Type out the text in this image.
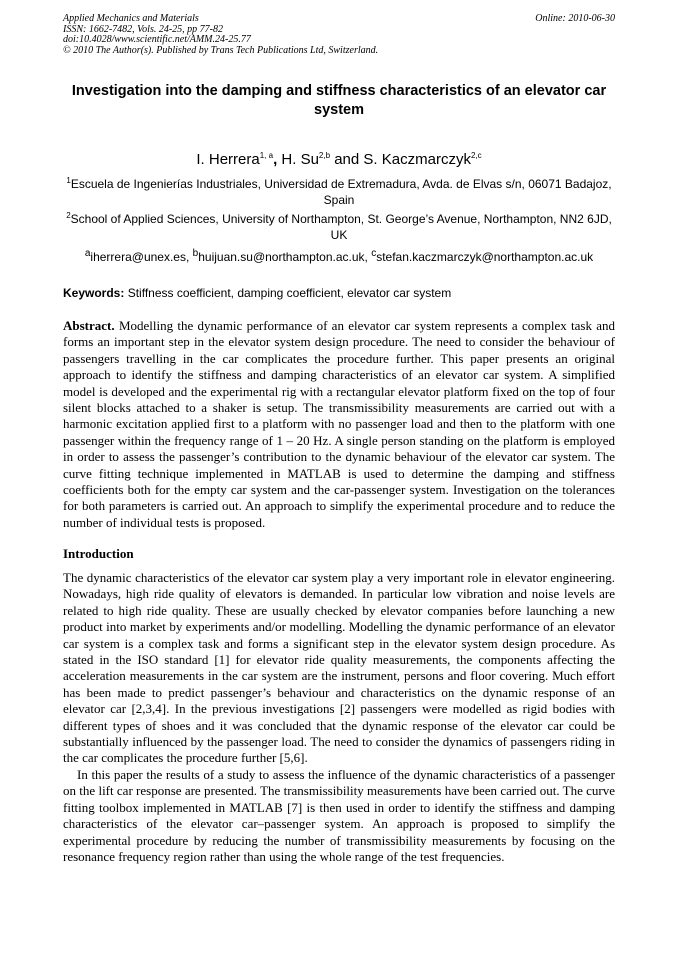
Applied Mechanics and Materials
ISSN: 1662-7482, Vols. 24-25, pp 77-82
doi:10.4028/www.scientific.net/AMM.24-25.77
© 2010 The Author(s). Published by Trans Tech Publications Ltd, Switzerland.
Online: 2010-06-30
Investigation into the damping and stiffness characteristics of an elevator car system
I. Herrera$^{1, a}$, H. Su$^{2,b}$ and S. Kaczmarczyk$^{2,c}$
$^1$Escuela de Ingenierías Industriales, Universidad de Extremadura, Avda. de Elvas s/n, 06071 Badajoz, Spain
$^2$School of Applied Sciences, University of Northampton, St. George’s Avenue, Northampton, NN2 6JD, UK
$^a$iherrera@unex.es, $^b$huijuan.su@northampton.ac.uk, $^c$stefan.kaczmarczyk@northampton.ac.uk
Keywords: Stiffness coefficient, damping coefficient, elevator car system
Abstract. Modelling the dynamic performance of an elevator car system represents a complex task and forms an important step in the elevator system design procedure. The need to consider the behaviour of passengers travelling in the car complicates the procedure further. This paper presents an original approach to identify the stiffness and damping characteristics of an elevator car system. A simplified model is developed and the experimental rig with a rectangular elevator platform fixed on the top of four silent blocks attached to a shaker is setup. The transmissibility measurements are carried out with a harmonic excitation applied first to a platform with no passenger load and then to the platform with one passenger within the frequency range of 1 – 20 Hz. A single person standing on the platform is employed in order to assess the passenger’s contribution to the dynamic behaviour of the elevator car system. The curve fitting technique implemented in MATLAB is used to determine the damping and stiffness coefficients both for the empty car system and the car-passenger system. Investigation on the tolerances for both parameters is carried out. An approach to simplify the experimental procedure and to reduce the number of individual tests is proposed.
Introduction

The dynamic characteristics of the elevator car system play a very important role in elevator engineering. Nowadays, high ride quality of elevators is demanded. In particular low vibration and noise levels are related to high ride quality. These are usually checked by elevator companies before launching a new product into market by experiments and/or modelling. Modelling the dynamic performance of an elevator car system is a complex task and forms a significant step in the elevator system design procedure. As stated in the ISO standard [1] for elevator ride quality measurements, the components affecting the acceleration measurements in the car system are the instrument, persons and floor covering. Much effort has been made to predict passenger’s behaviour and characteristics on the dynamic response of an elevator car [2,3,4]. In the previous investigations [2] passengers were modelled as rigid bodies with different types of shoes and it was concluded that the dynamic response of the elevator car could be substantially influenced by the passenger load. The need to consider the dynamics of passengers riding in the car complicates the procedure further [5,6].

In this paper the results of a study to assess the influence of the dynamic characteristics of a passenger on the lift car response are presented. The transmissibility measurements have been carried out. The curve fitting toolbox implemented in MATLAB [7] is then used in order to identify the stiffness and damping characteristics of the elevator car–passenger system. An approach is proposed to simplify the experimental procedure by reducing the number of transmissibility measurements by focusing on the resonance frequency region rather than using the whole range of the test frequencies.
